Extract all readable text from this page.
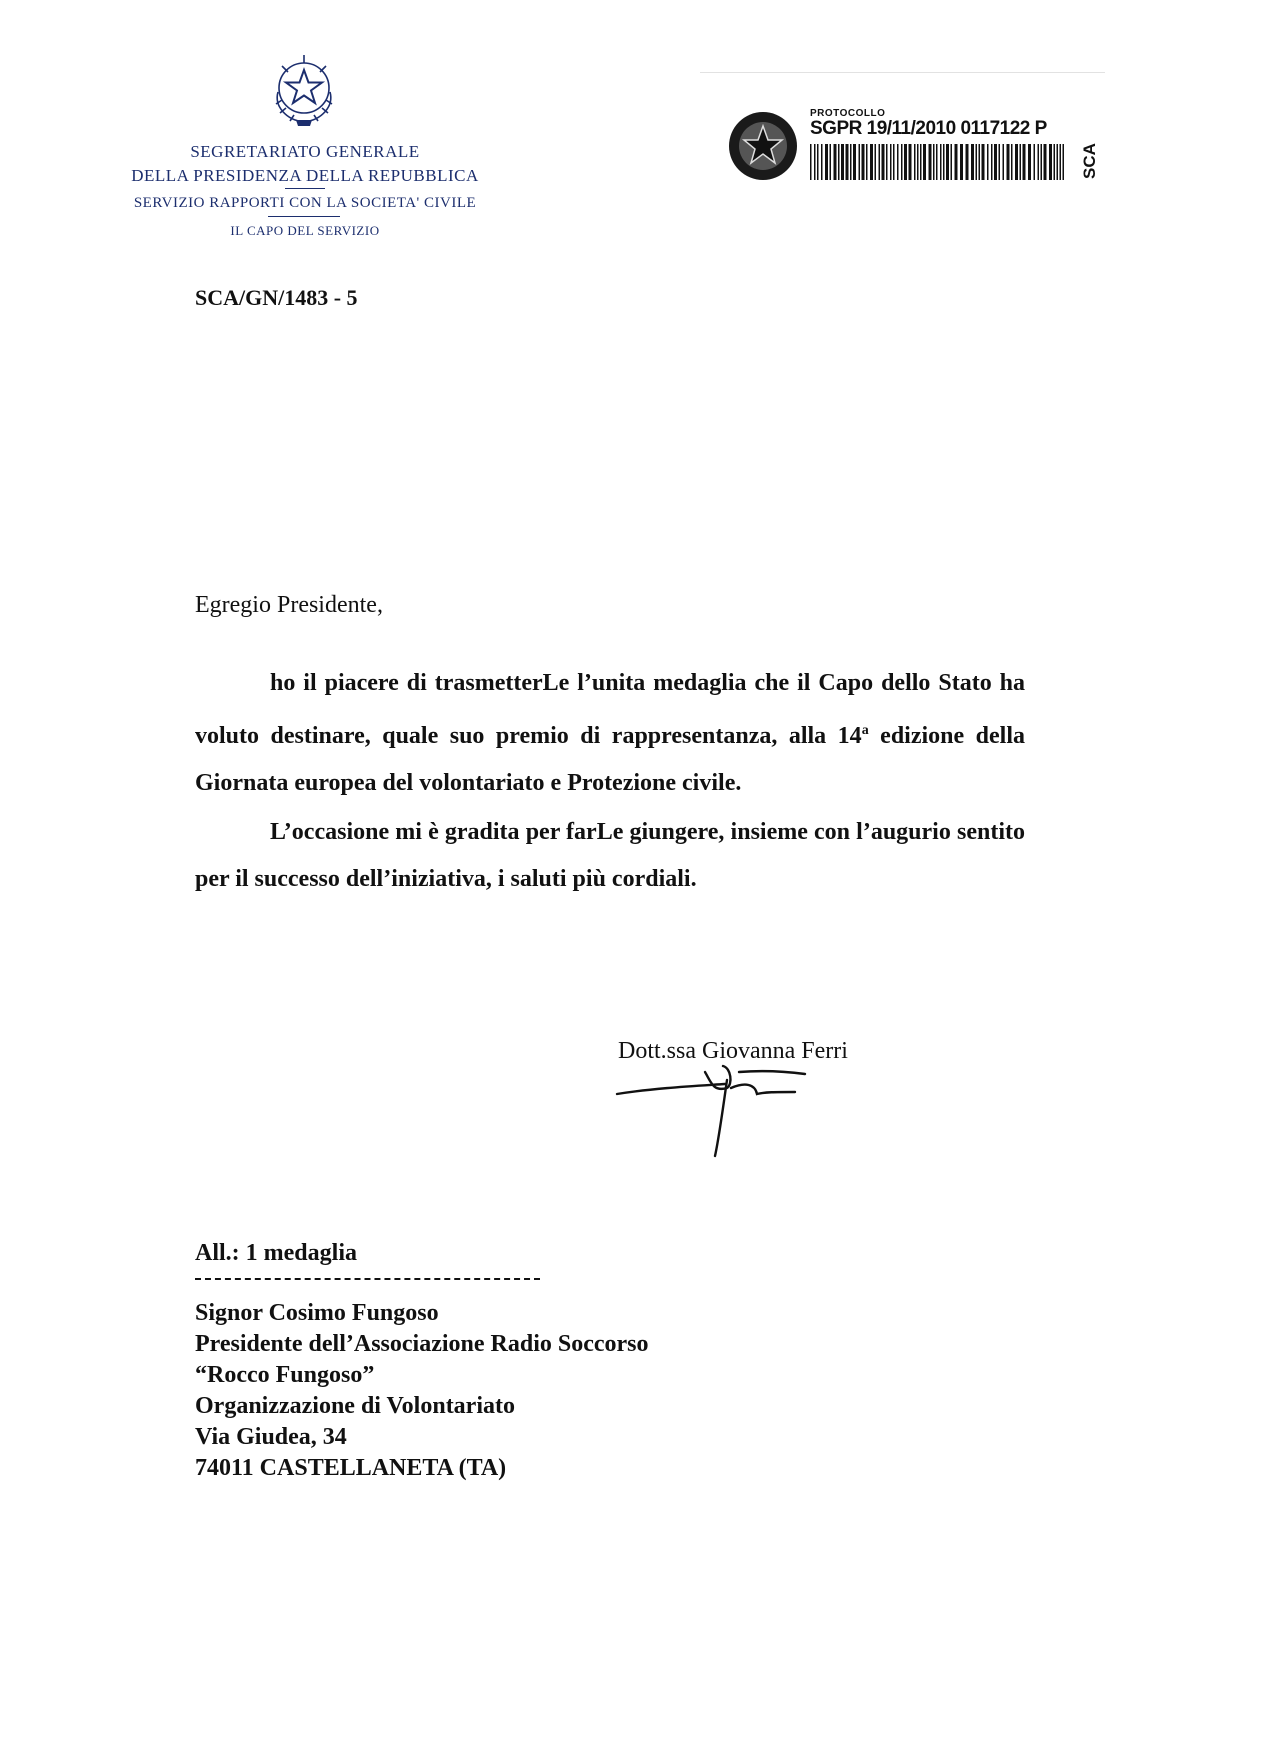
SEGRETARIATO GENERALE
DELLA PRESIDENZA DELLA REPUBBLICA
SERVIZIO RAPPORTI CON LA SOCIETA' CIVILE
IL CAPO DEL SERVIZIO
PROTOCOLLO
SGPR 19/11/2010 0117122 P
SCA
SCA/GN/1483 - 5
Egregio Presidente,

ho il piacere di trasmetterLe l’unita medaglia che il Capo dello Stato ha voluto destinare, quale suo premio di rappresentanza, alla 14$^a$ edizione della Giornata europea del volontariato e Protezione civile.

L’occasione mi è gradita per farLe giungere, insieme con l’augurio sentito per il successo dell’iniziativa, i saluti più cordiali.

Dott.ssa Giovanna Ferri
All.: 1 medaglia
Signor Cosimo Fungoso
Presidente dell’Associazione Radio Soccorso
“Rocco Fungoso”
Organizzazione di Volontariato
Via Giudea, 34
74011 CASTELLANETA (TA)
